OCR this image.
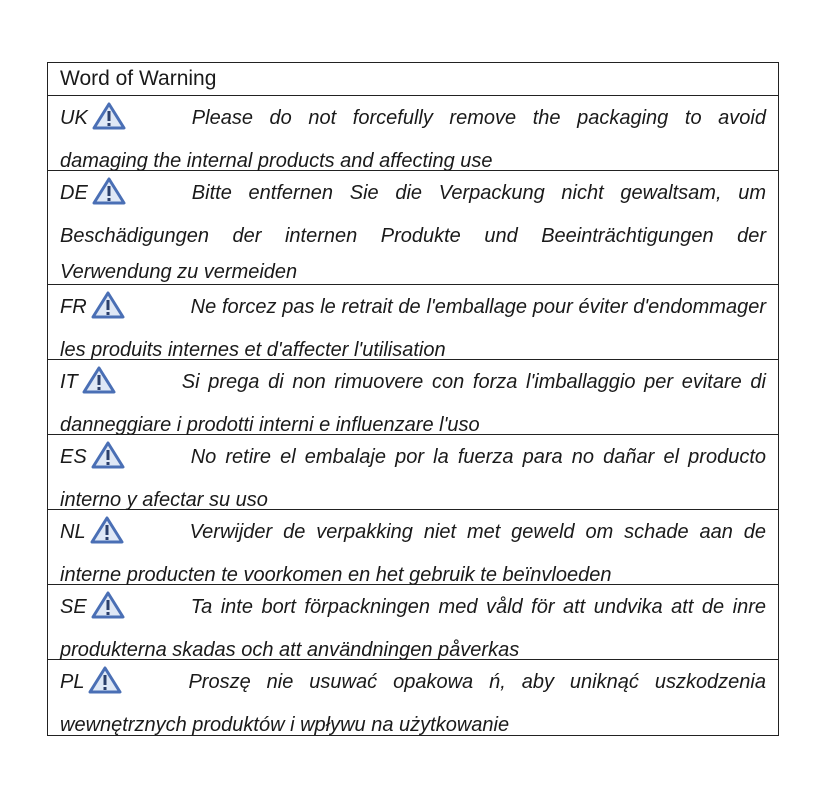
Word of Warning
UK	Please do not forcefully remove the packaging to avoid damaging the internal products and affecting use
DE	Bitte entfernen Sie die Verpackung nicht gewaltsam, um Beschädigungen der internen Produkte und Beeinträchtigungen der Verwendung zu vermeiden
FR	Ne forcez pas le retrait de l'emballage pour éviter d'endommager les produits internes et d'affecter l'utilisation
IT	Si prega di non rimuovere con forza l'imballaggio per evitare di danneggiare i prodotti interni e influenzare l'uso
ES	No retire el embalaje por la fuerza para no dañar el producto interno y afectar su uso
NL	Verwijder de verpakking niet met geweld om schade aan de interne producten te voorkomen en het gebruik te beïnvloeden
SE	Ta inte bort förpackningen med våld för att undvika att de inre produkterna skadas och att användningen påverkas
PL	Proszę nie usuwać opakowa ń, aby uniknąć uszkodzenia wewnętrznych produktów i wpływu na użytkowanie
